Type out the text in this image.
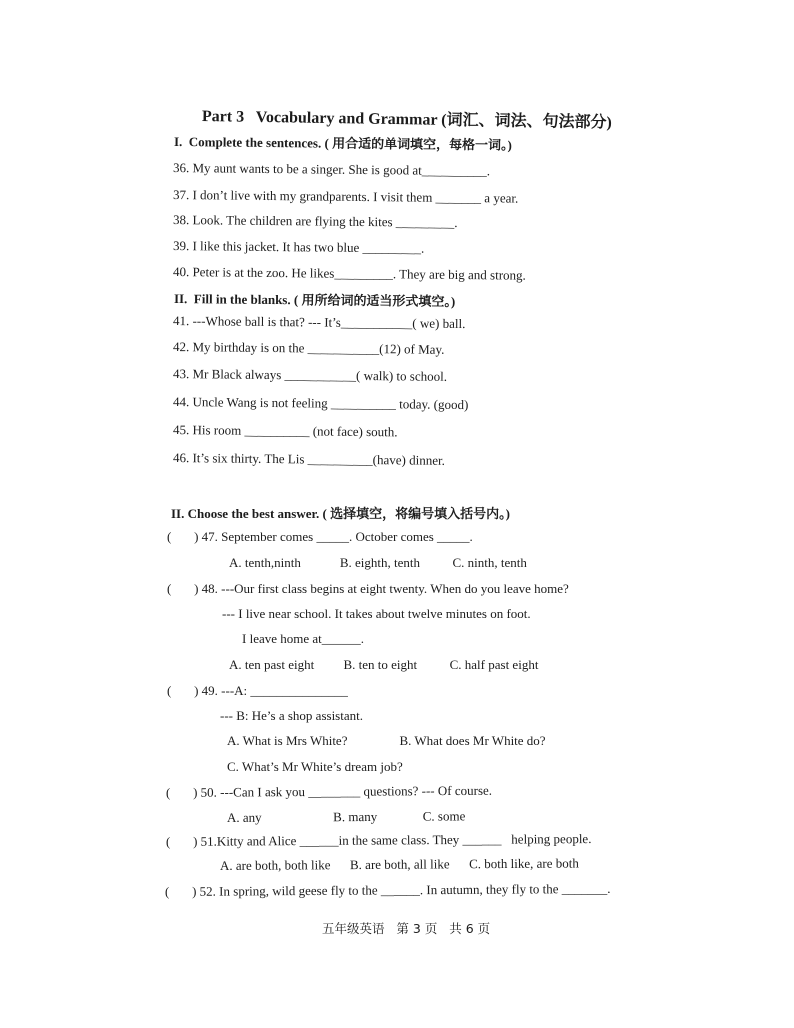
Part 3   Vocabulary and Grammar (词汇、词法、句法部分)
I.  Complete the sentences. ( 用合适的单词填空，每格一词。)
36. My aunt wants to be a singer. She is good at__________.
37. I don’t live with my grandparents. I visit them _______ a year.
38. Look. The children are flying the kites _________.
39. I like this jacket. It has two blue _________.
40. Peter is at the zoo. He likes_________. They are big and strong.
II.  Fill in the blanks. ( 用所给词的适当形式填空。)
41. ---Whose ball is that? --- It’s___________( we) ball.
42. My birthday is on the ___________(12) of May.
43. Mr Black always ___________( walk) to school.
44. Uncle Wang is not feeling __________ today. (good)
45. His room __________ (not face) south.
46. It’s six thirty. The Lis __________(have) dinner.
II. Choose the best answer. ( 选择填空，将编号填入括号内。)
(       ) 47. September comes _____. October comes _____.
A. tenth,ninth            B. eighth, tenth          C. ninth, tenth
(       ) 48. ---Our first class begins at eight twenty. When do you leave home?
--- I live near school. It takes about twelve minutes on foot.
I leave home at______.
A. ten past eight         B. ten to eight          C. half past eight
(       ) 49. ---A: _______________
--- B: He’s a shop assistant.
A. What is Mrs White?                B. What does Mr White do?
C. What’s Mr White’s dream job?
(       ) 50. ---Can I ask you ________ questions? --- Of course.
A. any                      B. many              C. some
(       ) 51.Kitty and Alice ______in the same class. They ______   helping people.
A. are both, both like      B. are both, all like      C. both like, are both
(       ) 52. In spring, wild geese fly to the ______. In autumn, they fly to the _______.
五年级英语   第 3 页   共 6 页
